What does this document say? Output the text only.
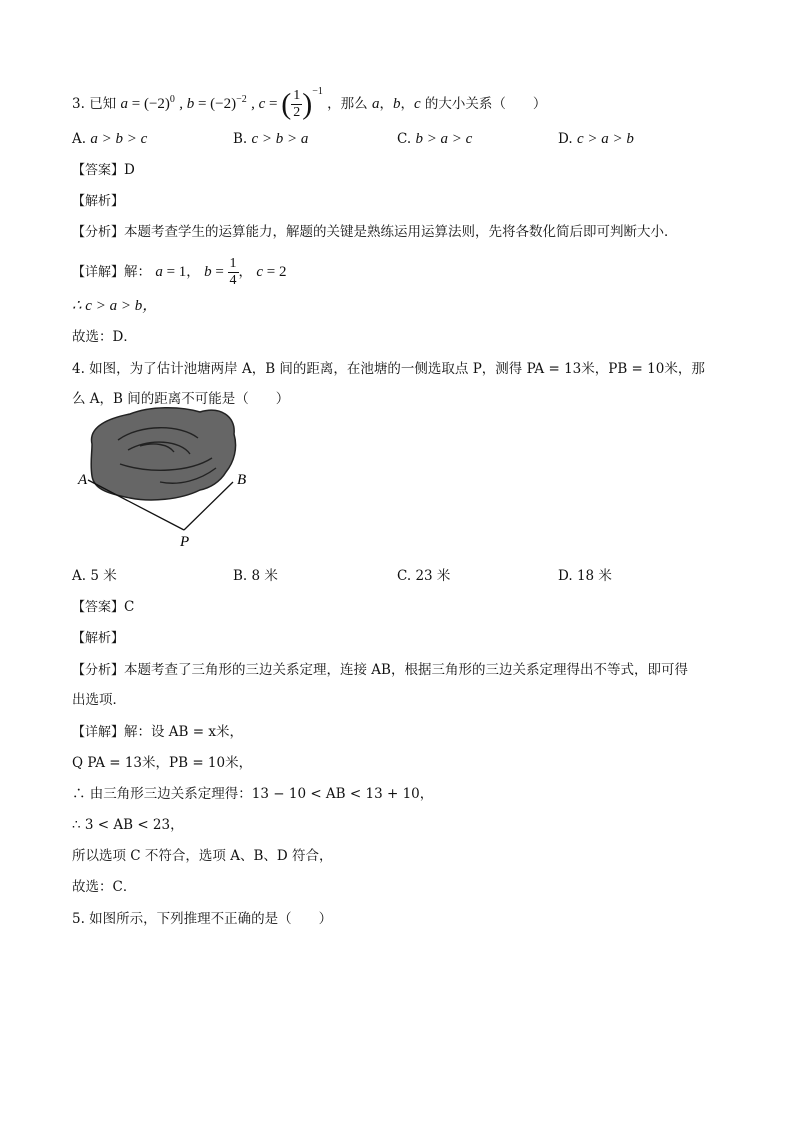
3. 已知 $a = (-2)^0$ , $b = (-2)^{-2}$ , c = ( $\frac{1}{2} )^{-1}$ ，那么 a，b，c 的大小关系（　　）
A. a > b > c	B. c > b > a	C. b > a > c	D. c > a > b
【答案】D
【解析】
【分析】本题考查学生的运算能力，解题的关键是熟练运用运算法则，先将各数化简后即可判断大小．
【详解】解： a = 1， $b = \frac{1}{4}$ ， c = 2
∴ c > a > b，
故选：D．
4. 如图，为了估计池塘两岸 A，B 间的距离，在池塘的一侧选取点 P，测得 PA = 13米，PB = 10米，那
么 A，B 间的距离不可能是（　　）
A	B
P
A. 5 米	B. 8 米	C. 23 米	D. 18 米
【答案】C
【解析】
【分析】本题考查了三角形的三边关系定理，连接 AB，根据三角形的三边关系定理得出不等式，即可得
出选项．
【详解】解：设 AB = x米，
Q PA = 13米，PB = 10米，
∴ 由三角形三边关系定理得：13 − 10 < AB < 13 + 10，
∴ 3 < AB < 23，
所以选项 C 不符合，选项 A、B、D 符合，
故选：C．
5. 如图所示，下列推理不正确的是（　　）
